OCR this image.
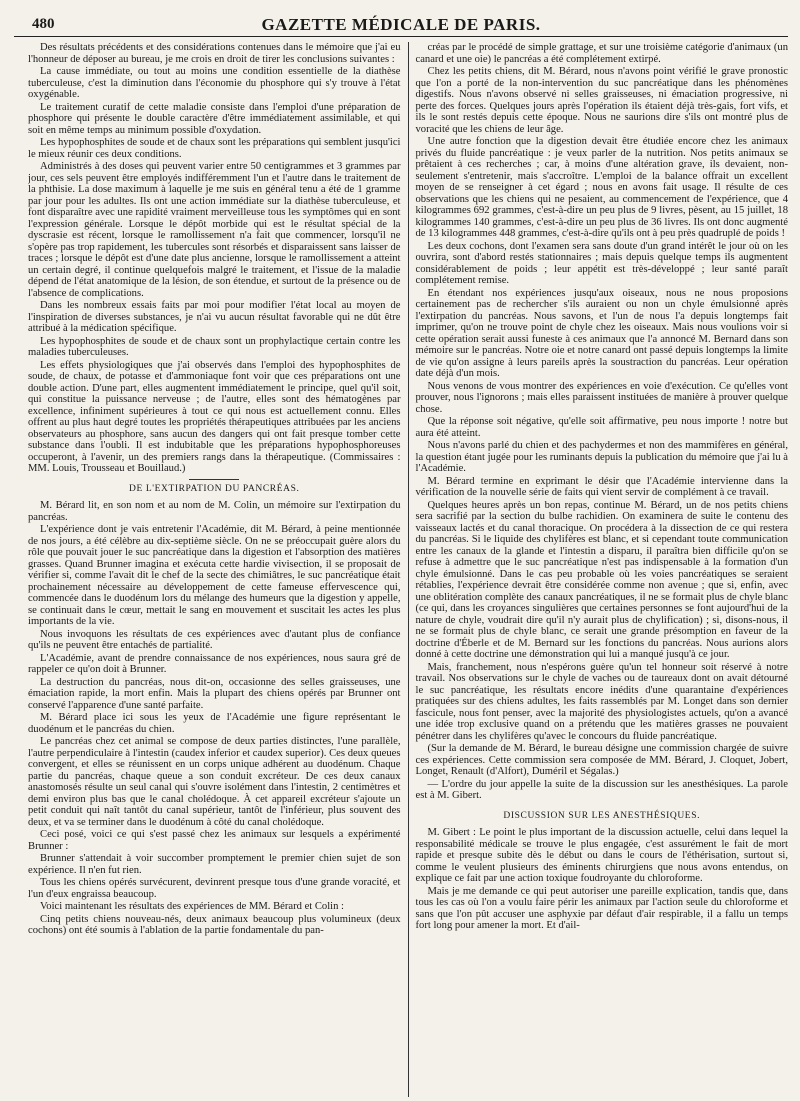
480	GAZETTE MÉDICALE DE PARIS.

Des résultats précédents et des considérations contenues dans le mémoire que j'ai eu l'honneur de déposer au bureau, je me crois en droit de tirer les conclusions suivantes :

La cause immédiate, ou tout au moins une condition essentielle de la diathèse tuberculeuse, c'est la diminution dans l'économie du phosphore qui s'y trouve à l'état oxygénable.

Le traitement curatif de cette maladie consiste dans l'emploi d'une préparation de phosphore qui présente le double caractère d'être immédiatement assimilable, et qui soit en même temps au minimum possible d'oxydation.

Les hypophosphites de soude et de chaux sont les préparations qui semblent jusqu'ici le mieux réunir ces deux conditions.

Administrés à des doses qui peuvent varier entre 50 centigrammes et 3 grammes par jour, ces sels peuvent être employés indifféremment l'un et l'autre dans le traitement de la phthisie. La dose maximum à laquelle je me suis en général tenu a été de 1 gramme par jour pour les adultes. Ils ont une action immédiate sur la diathèse tuberculeuse, et font disparaître avec une rapidité vraiment merveilleuse tous les symptômes qui en sont l'expression générale. Lorsque le dépôt morbide qui est le résultat spécial de la dyscrasie est récent, lorsque le ramollissement n'a fait que commencer, lorsqu'il ne s'opère pas trop rapidement, les tubercules sont résorbés et disparaissent sans laisser de traces ; lorsque le dépôt est d'une date plus ancienne, lorsque le ramollissement a atteint un certain degré, il continue quelquefois malgré le traitement, et l'issue de la maladie dépend de l'état anatomique de la lésion, de son étendue, et surtout de la présence ou de l'absence de complications.

Dans les nombreux essais faits par moi pour modifier l'état local au moyen de l'inspiration de diverses substances, je n'ai vu aucun résultat favorable qui ne dût être attribué à la médication spécifique.

Les hypophosphites de soude et de chaux sont un prophylactique certain contre les maladies tuberculeuses.

Les effets physiologiques que j'ai observés dans l'emploi des hypophosphites de soude, de chaux, de potasse et d'ammoniaque font voir que ces préparations ont une double action. D'une part, elles augmentent immédiatement le principe, quel qu'il soit, qui constitue la puissance nerveuse ; de l'autre, elles sont des hématogènes par excellence, infiniment supérieures à tout ce qui nous est actuellement connu. Elles offrent au plus haut degré toutes les propriétés thérapeutiques attribuées par les anciens observateurs au phosphore, sans aucun des dangers qui ont fait presque tomber cette substance dans l'oubli. Il est indubitable que les préparations hypophosphoreuses occuperont, à l'avenir, un des premiers rangs dans la thérapeutique. (Commissaires : MM. Louis, Trousseau et Bouillaud.)

DE L'EXTIRPATION DU PANCRÉAS.

M. Bérard lit, en son nom et au nom de M. Colin, un mémoire sur l'extirpation du pancréas.

L'expérience dont je vais entretenir l'Académie, dit M. Bérard, à peine mentionnée de nos jours, a été célèbre au dix-septième siècle. On ne se préoccupait guère alors du rôle que pouvait jouer le suc pancréatique dans la digestion et l'absorption des matières grasses. Quand Brunner imagina et exécuta cette hardie vivisection, il se proposait de vérifier si, comme l'avait dit le chef de la secte des chimiâtres, le suc pancréatique était prochainement nécessaire au développement de cette fameuse effervescence qui, commencée dans le duodénum lors du mélange des humeurs que la digestion y appelle, se continuait dans le cœur, mettait le sang en mouvement et suscitait les actes les plus importants de la vie.

Nous invoquons les résultats de ces expériences avec d'autant plus de confiance qu'ils ne peuvent être entachés de partialité.

L'Académie, avant de prendre connaissance de nos expériences, nous saura gré de rappeler ce qu'on doit à Brunner.

La destruction du pancréas, nous dit-on, occasionne des selles graisseuses, une émaciation rapide, la mort enfin. Mais la plupart des chiens opérés par Brunner ont conservé l'apparence d'une santé parfaite.

M. Bérard place ici sous les yeux de l'Académie une figure représentant le duodénum et le pancréas du chien.

Le pancréas chez cet animal se compose de deux parties distinctes, l'une parallèle, l'autre perpendiculaire à l'intestin (caudex inferior et caudex superior). Ces deux queues convergent, et elles se réunissent en un corps unique adhérent au duodénum. Chaque partie du pancréas, chaque queue a son conduit excréteur. De ces deux canaux anastomosés résulte un seul canal qui s'ouvre isolément dans l'intestin, 2 centimètres et demi environ plus bas que le canal cholédoque. À cet appareil excréteur s'ajoute un petit conduit qui naît tantôt du canal supérieur, tantôt de l'inférieur, plus souvent des deux, et va se terminer dans le duodénum à côté du canal cholédoque.

Ceci posé, voici ce qui s'est passé chez les animaux sur lesquels a expérimenté Brunner :

Brunner s'attendait à voir succomber promptement le premier chien sujet de son expérience. Il n'en fut rien.

Tous les chiens opérés survécurent, devinrent presque tous d'une grande voracité, et l'un d'eux engraissa beaucoup.

Voici maintenant les résultats des expériences de MM. Bérard et Colin :

Cinq petits chiens nouveau-nés, deux animaux beaucoup plus volumineux (deux cochons) ont été soumis à l'ablation de la partie fondamentale du pan-

créas par le procédé de simple grattage, et sur une troisième catégorie d'animaux (un canard et une oie) le pancréas a été complétement extirpé.

Chez les petits chiens, dit M. Bérard, nous n'avons point vérifié le grave pronostic que l'on a porté de la non-intervention du suc pancréatique dans les phénomènes digestifs. Nous n'avons observé ni selles graisseuses, ni émaciation progressive, ni perte des forces. Quelques jours après l'opération ils étaient déjà très-gais, fort vifs, et ils le sont restés depuis cette époque. Nous ne saurions dire s'ils ont montré plus de voracité que les chiens de leur âge.

Une autre fonction que la digestion devait être étudiée encore chez les animaux privés du fluide pancréatique : je veux parler de la nutrition. Nos petits animaux se prêtaient à ces recherches ; car, à moins d'une altération grave, ils devaient, non-seulement s'entretenir, mais s'accroître. L'emploi de la balance offrait un excellent moyen de se renseigner à cet égard ; nous en avons fait usage. Il résulte de ces observations que les chiens qui ne pesaient, au commencement de l'expérience, que 4 kilogrammes 692 grammes, c'est-à-dire un peu plus de 9 livres, pèsent, au 15 juillet, 18 kilogrammes 140 grammes, c'est-à-dire un peu plus de 36 livres. Ils ont donc augmenté de 13 kilogrammes 448 grammes, c'est-à-dire qu'ils ont à peu près quadruplé de poids !

Les deux cochons, dont l'examen sera sans doute d'un grand intérêt le jour où on les ouvrira, sont d'abord restés stationnaires ; mais depuis quelque temps ils augmentent considérablement de poids ; leur appétit est très-développé ; leur santé paraît complétement remise.

En étendant nos expériences jusqu'aux oiseaux, nous ne nous proposions certainement pas de rechercher s'ils auraient ou non un chyle émulsionné après l'extirpation du pancréas. Nous savons, et l'un de nous l'a depuis longtemps fait imprimer, qu'on ne trouve point de chyle chez les oiseaux. Mais nous voulions voir si cette opération serait aussi funeste à ces animaux que l'a annoncé M. Bernard dans son mémoire sur le pancréas. Notre oie et notre canard ont passé depuis longtemps la limite de vie qu'on assigne à leurs pareils après la soustraction du pancréas. Leur opération date déjà d'un mois.

Nous venons de vous montrer des expériences en voie d'exécution. Ce qu'elles vont prouver, nous l'ignorons ; mais elles paraissent instituées de manière à prouver quelque chose.

Que la réponse soit négative, qu'elle soit affirmative, peu nous importe ! notre but aura été atteint.

Nous n'avons parlé du chien et des pachydermes et non des mammifères en général, la question étant jugée pour les ruminants depuis la publication du mémoire que j'ai lu à l'Académie.

M. Bérard termine en exprimant le désir que l'Académie intervienne dans la vérification de la nouvelle série de faits qui vient servir de complément à ce travail.

Quelques heures après un bon repas, continue M. Bérard, un de nos petits chiens sera sacrifié par la section du bulbe rachidien. On examinera de suite le contenu des vaisseaux lactés et du canal thoracique. On procédera à la dissection de ce qui restera du pancréas. Si le liquide des chylifères est blanc, et si cependant toute communication entre les canaux de la glande et l'intestin a disparu, il paraîtra bien difficile qu'on se refuse à admettre que le suc pancréatique n'est pas indispensable à la formation d'un chyle émulsionné. Dans le cas peu probable où les voies pancréatiques se seraient rétablies, l'expérience devrait être considérée comme non avenue ; que si, enfin, avec une oblitération complète des canaux pancréatiques, il ne se formait plus de chyle blanc (ce qui, dans les croyances singulières que certaines personnes se font aujourd'hui de la nature de chyle, voudrait dire qu'il n'y aurait plus de chylification) ; si, disons-nous, il ne se formait plus de chyle blanc, ce serait une grande présomption en faveur de la doctrine d'Éberle et de M. Bernard sur les fonctions du pancréas. Nous aurions alors donné à cette doctrine une démonstration qui lui a manqué jusqu'à ce jour.

Mais, franchement, nous n'espérons guère qu'un tel honneur soit réservé à notre travail. Nos observations sur le chyle de vaches ou de taureaux dont on avait détourné le suc pancréatique, les résultats encore inédits d'une quarantaine d'expériences pratiquées sur des chiens adultes, les faits rassemblés par M. Longet dans son dernier fascicule, nous font penser, avec la majorité des physiologistes actuels, qu'on a avancé une idée trop exclusive quand on a prétendu que les matières grasses ne pouvaient pénétrer dans les chylifères qu'avec le concours du fluide pancréatique.

(Sur la demande de M. Bérard, le bureau désigne une commission chargée de suivre ces expériences. Cette commission sera composée de MM. Bérard, J. Cloquet, Jobert, Longet, Renault (d'Alfort), Duméril et Ségalas.)

— L'ordre du jour appelle la suite de la discussion sur les anesthésiques. La parole est à M. Gibert.

DISCUSSION SUR LES ANESTHÉSIQUES.

M. Gibert : Le point le plus important de la discussion actuelle, celui dans lequel la responsabilité médicale se trouve le plus engagée, c'est assurément le fait de mort rapide et presque subite dès le début ou dans le cours de l'éthérisation, surtout si, comme le veulent plusieurs des éminents chirurgiens que nous avons entendus, on explique ce fait par une action toxique foudroyante du chloroforme.

Mais je me demande ce qui peut autoriser une pareille explication, tandis que, dans tous les cas où l'on a voulu faire périr les animaux par l'action seule du chloroforme et sans que l'on pût accuser une asphyxie par défaut d'air respirable, il a fallu un temps fort long pour amener la mort. Et d'ail-
